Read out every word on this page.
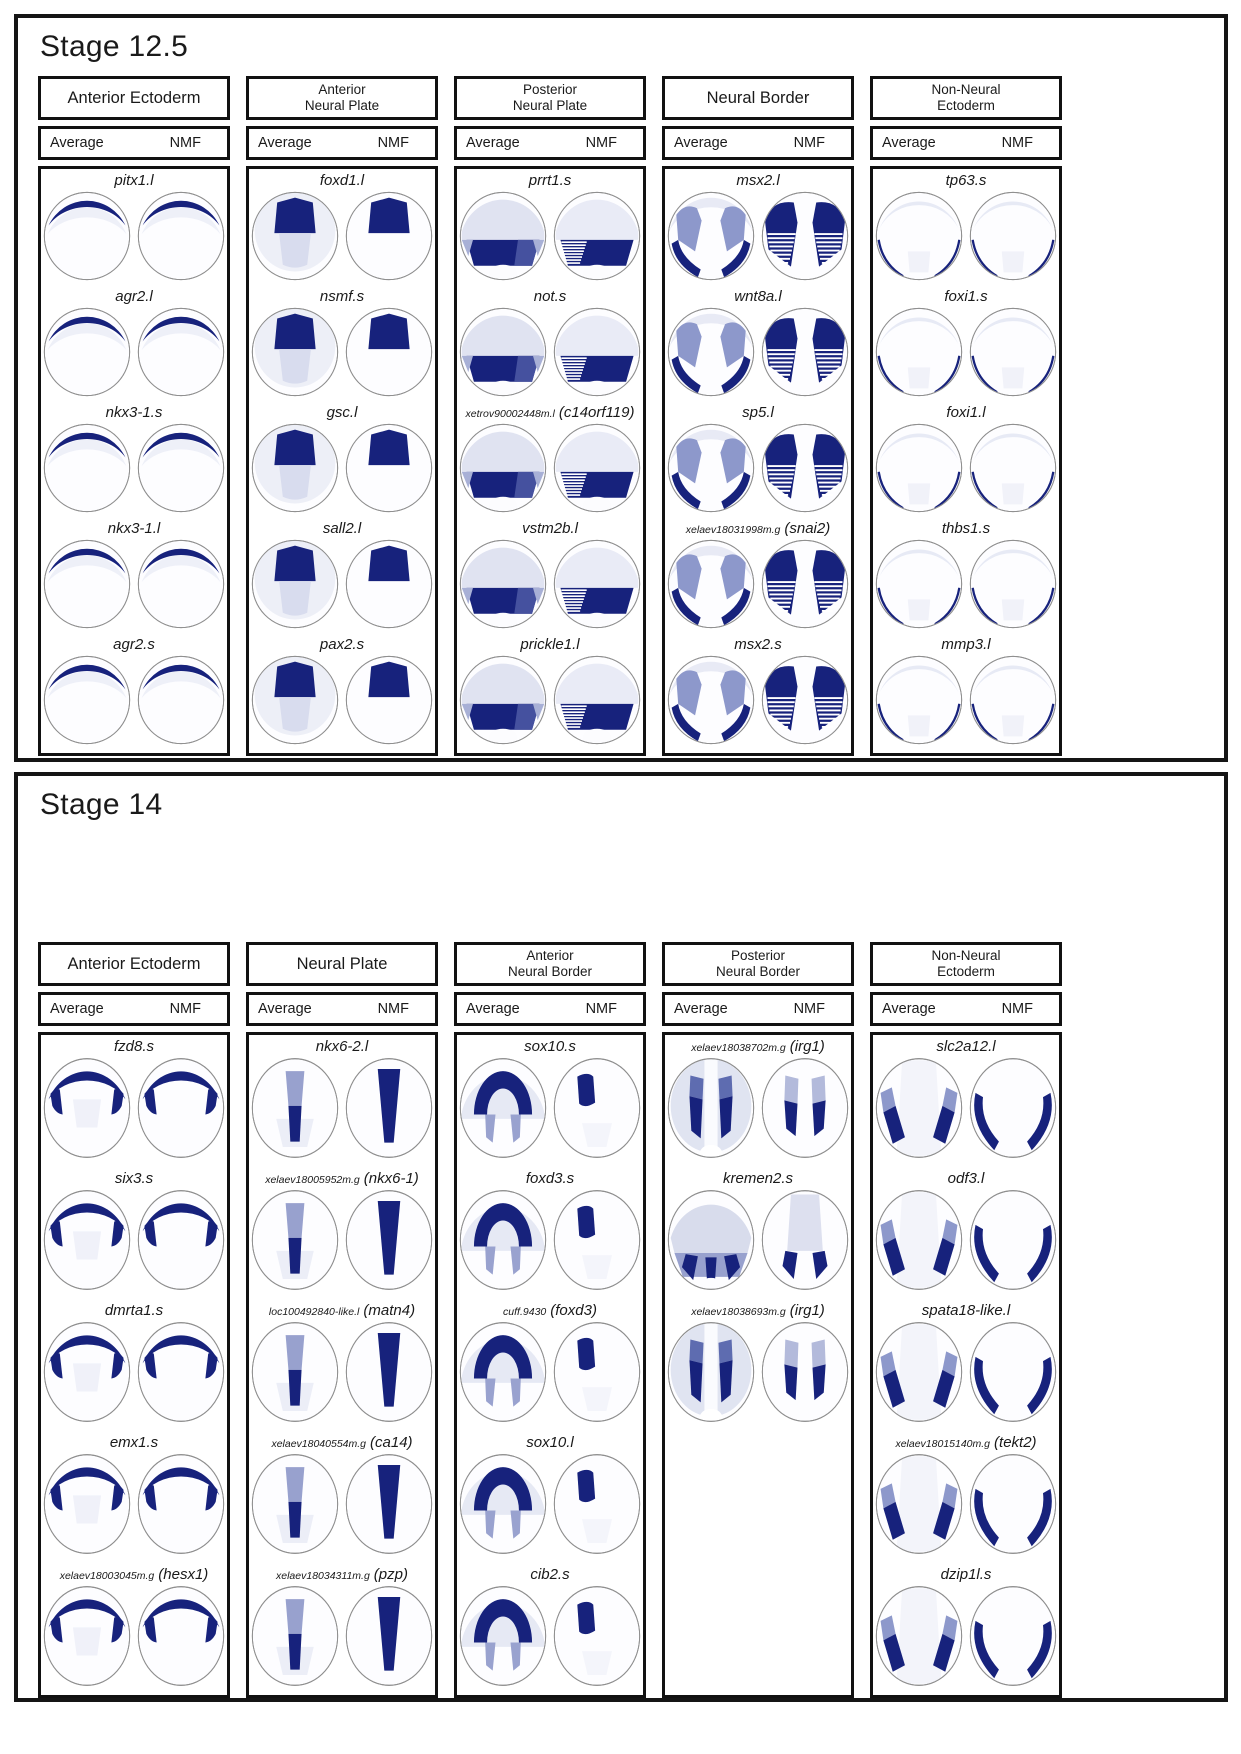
Stage 12.5
Anterior Ectoderm
Average	NMF
pitx1.l
agr2.l
nkx3-1.s
nkx3-1.l
agr2.s
Anterior
Neural Plate
Average	NMF
foxd1.l
nsmf.s
gsc.l
sall2.l
pax2.s
Posterior
Neural Plate
Average	NMF
prrt1.s
not.s
xetrov90002448m.l (c14orf119)
vstm2b.l
prickle1.l
Neural Border
Average	NMF
msx2.l
wnt8a.l
sp5.l
xelaev18031998m.g (snai2)
msx2.s
Non-Neural
Ectoderm
Average	NMF
tp63.s
foxi1.s
foxi1.l
thbs1.s
mmp3.l
Stage 14
Anterior Ectoderm
Average	NMF
fzd8.s
six3.s
dmrta1.s
emx1.s
xelaev18003045m.g (hesx1)
Neural Plate
Average	NMF
nkx6-2.l
xelaev18005952m.g (nkx6-1)
loc100492840-like.l (matn4)
xelaev18040554m.g (ca14)
xelaev18034311m.g (pzp)
Anterior
Neural Border
Average	NMF
sox10.s
foxd3.s
cuff.9430 (foxd3)
sox10.l
cib2.s
Posterior
Neural Border
Average	NMF
xelaev18038702m.g (irg1)
kremen2.s
xelaev18038693m.g (irg1)
Non-Neural
Ectoderm
Average	NMF
slc2a12.l
odf3.l
spata18-like.l
xelaev18015140m.g (tekt2)
dzip1l.s
